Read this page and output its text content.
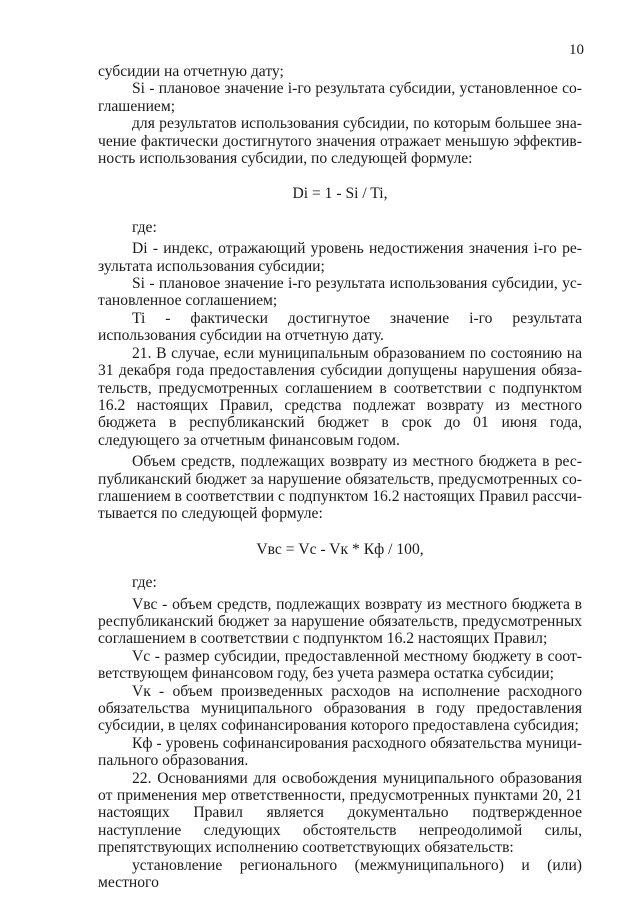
10

субсидии на отчетную дату;

Si - плановое значение i-го результата субсидии, установленное соглашением;

для результатов использования субсидии, по которым большее значение фактически достигнутого значения отражает меньшую эффективность использования субсидии, по следующей формуле:

Di = 1 - Si / Ti,

где:

Di - индекс, отражающий уровень недостижения значения i-го результата использования субсидии;

Si - плановое значение i-го результата использования субсидии, установленное соглашением;

Ti - фактически достигнутое значение i-го результата использования субсидии на отчетную дату.

21. В случае, если муниципальным образованием по состоянию на 31 декабря года предоставления субсидии допущены нарушения обязательств, предусмотренных соглашением в соответствии с подпунктом 16.2 настоящих Правил, средства подлежат возврату из местного бюджета в республиканский бюджет в срок до 01 июня года, следующего за отчетным финансовым годом.

Объем средств, подлежащих возврату из местного бюджета в республиканский бюджет за нарушение обязательств, предусмотренных соглашением в соответствии с подпунктом 16.2 настоящих Правил рассчитывается по следующей формуле:

Vвс = Vc - Vк * Кф / 100,

где:

Vвс - объем средств, подлежащих возврату из местного бюджета в республиканский бюджет за нарушение обязательств, предусмотренных соглашением в соответствии с подпунктом 16.2 настоящих Правил;

Vc - размер субсидии, предоставленной местному бюджету в соответствующем финансовом году, без учета размера остатка субсидии;

Vк - объем произведенных расходов на исполнение расходного обязательства муниципального образования в году предоставления субсидии, в целях софинансирования которого предоставлена субсидия;

Кф - уровень софинансирования расходного обязательства муниципального образования.

22. Основаниями для освобождения муниципального образования от применения мер ответственности, предусмотренных пунктами 20, 21 настоящих Правил является документально подтвержденное наступление следующих обстоятельств непреодолимой силы, препятствующих исполнению соответствующих обязательств:

установление регионального (межмуниципального) и (или) местного
